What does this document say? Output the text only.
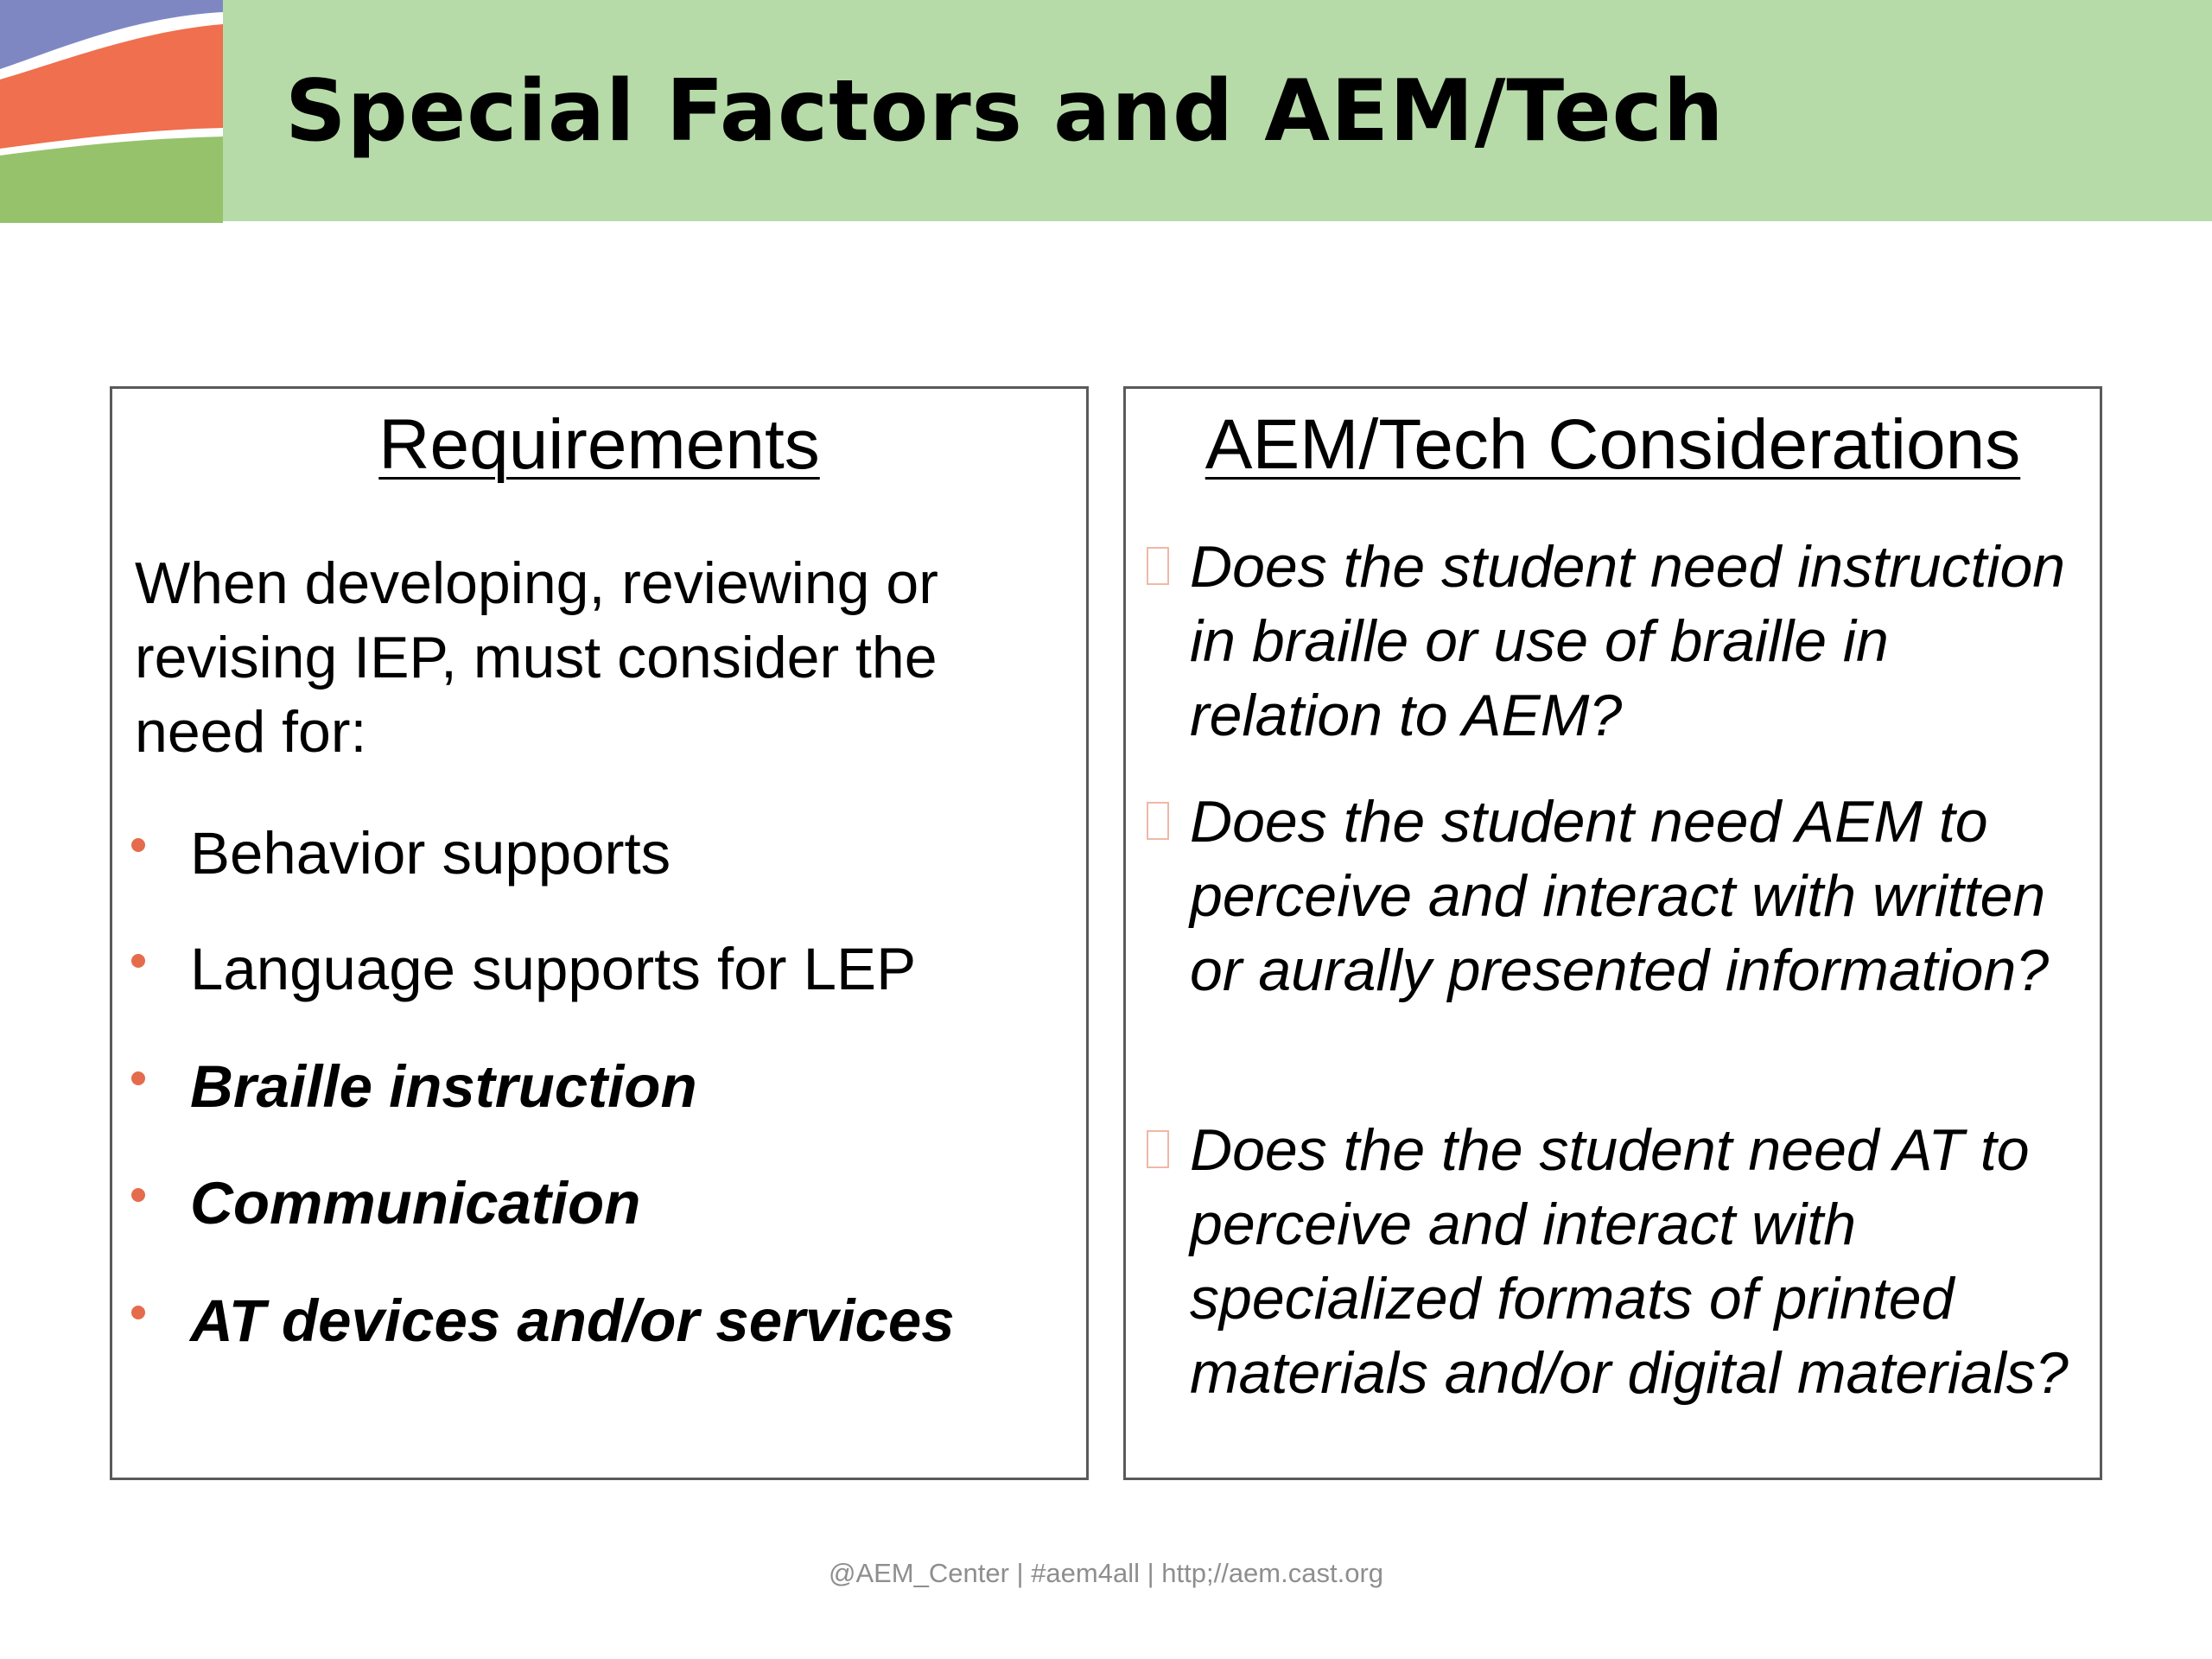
Special Factors and AEM/Tech
Requirements
When developing, reviewing or revising IEP, must consider the need for:
Behavior supports
Language supports for LEP
Braille instruction
Communication
AT devices and/or services
AEM/Tech Considerations
Does the student need instruction in braille or use of braille in relation to AEM?
Does the student need AEM to perceive and interact with written or aurally presented information?
Does the the student need AT to perceive and interact with specialized formats of printed materials and/or digital materials?
@AEM_Center | #aem4all | http;//aem.cast.org
